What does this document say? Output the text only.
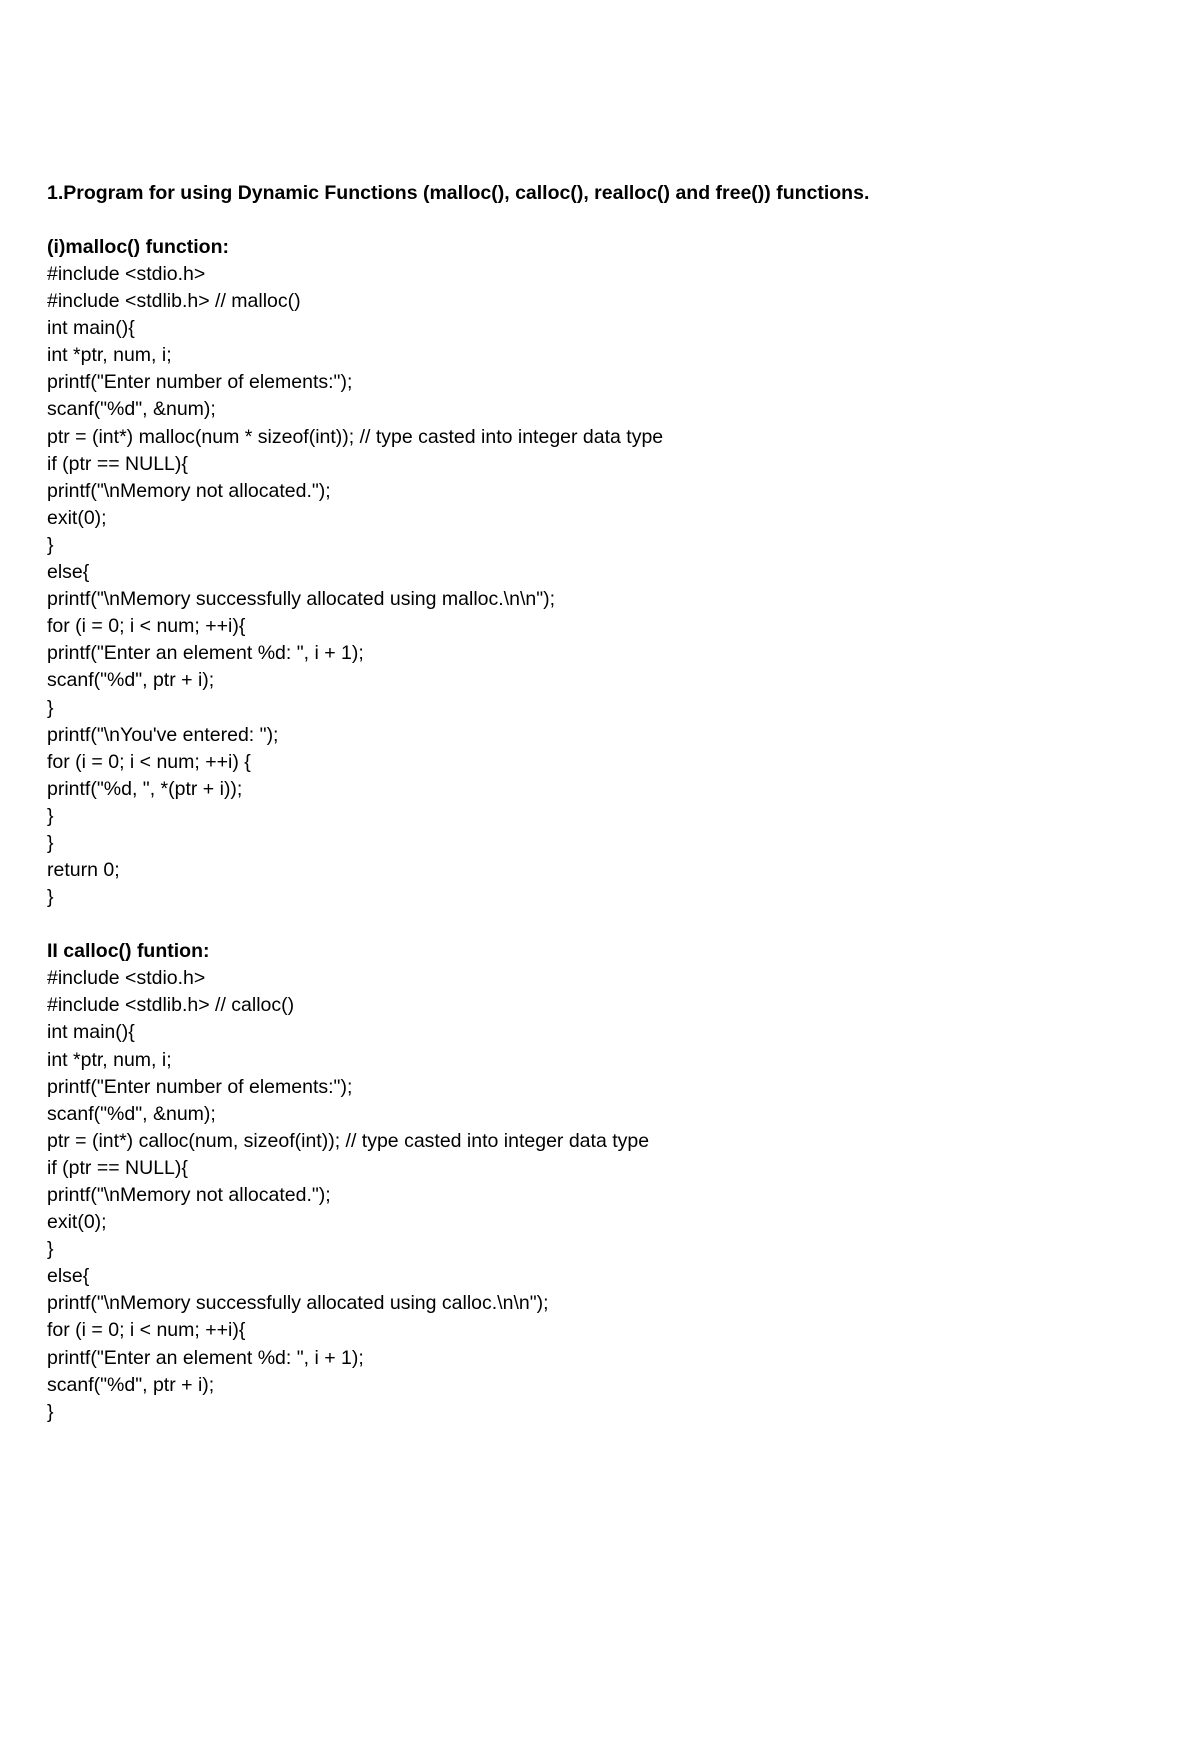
1.Program for using Dynamic Functions (malloc(), calloc(), realloc() and free()) functions.

(i)malloc() function:

#include <stdio.h>

#include <stdlib.h> // malloc()

int main(){

int *ptr, num, i;

printf("Enter number of elements:");

scanf("%d", &num);

ptr = (int*) malloc(num * sizeof(int)); // type casted into integer data type

if (ptr == NULL){

printf("\nMemory not allocated.");

exit(0);

}

else{

printf("\nMemory successfully allocated using malloc.\n\n");

for (i = 0; i < num; ++i){

printf("Enter an element %d: ", i + 1);

scanf("%d", ptr + i);

}

printf("\nYou've entered: ");

for (i = 0; i < num; ++i) {

printf("%d, ", *(ptr + i));

}

}

return 0;

}

II calloc() funtion:

#include <stdio.h>

#include <stdlib.h> // calloc()

int main(){

int *ptr, num, i;

printf("Enter number of elements:");

scanf("%d", &num);

ptr = (int*) calloc(num, sizeof(int)); // type casted into integer data type

if (ptr == NULL){

printf("\nMemory not allocated.");

exit(0);

}

else{

printf("\nMemory successfully allocated using calloc.\n\n");

for (i = 0; i < num; ++i){

printf("Enter an element %d: ", i + 1);

scanf("%d", ptr + i);

}
